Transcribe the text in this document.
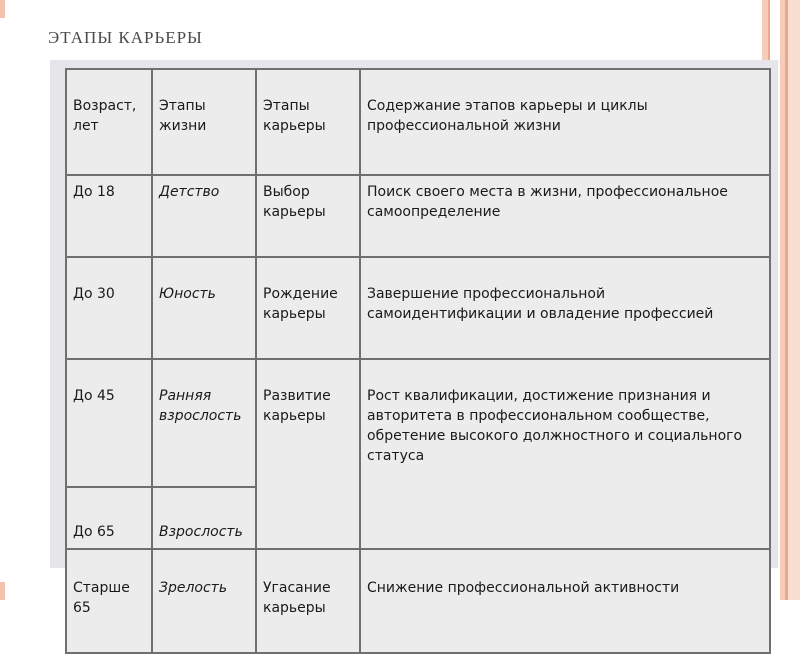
ЭТАПЫ КАРЬЕРЫ
Возраст, лет	Этапы жизни	Этапы карьеры	Содержание этапов карьеры и циклы профессиональной жизни
До 18	Детство	Выбор карьеры	Поиск своего места в жизни, профессиональное самоопределение
До 30	Юность	Рождение карьеры	Завершение профессиональной самоидентификации и овладение профессией
До 45	Ранняя взрослость	Развитие карьеры	Рост квалификации, достижение признания и авторитета в профессиональном сообществе, обретение высокого должностного и социального статуса
До 65	Взрослость		
Старше 65	Зрелость	Угасание карьеры	Снижение профессиональной активности
